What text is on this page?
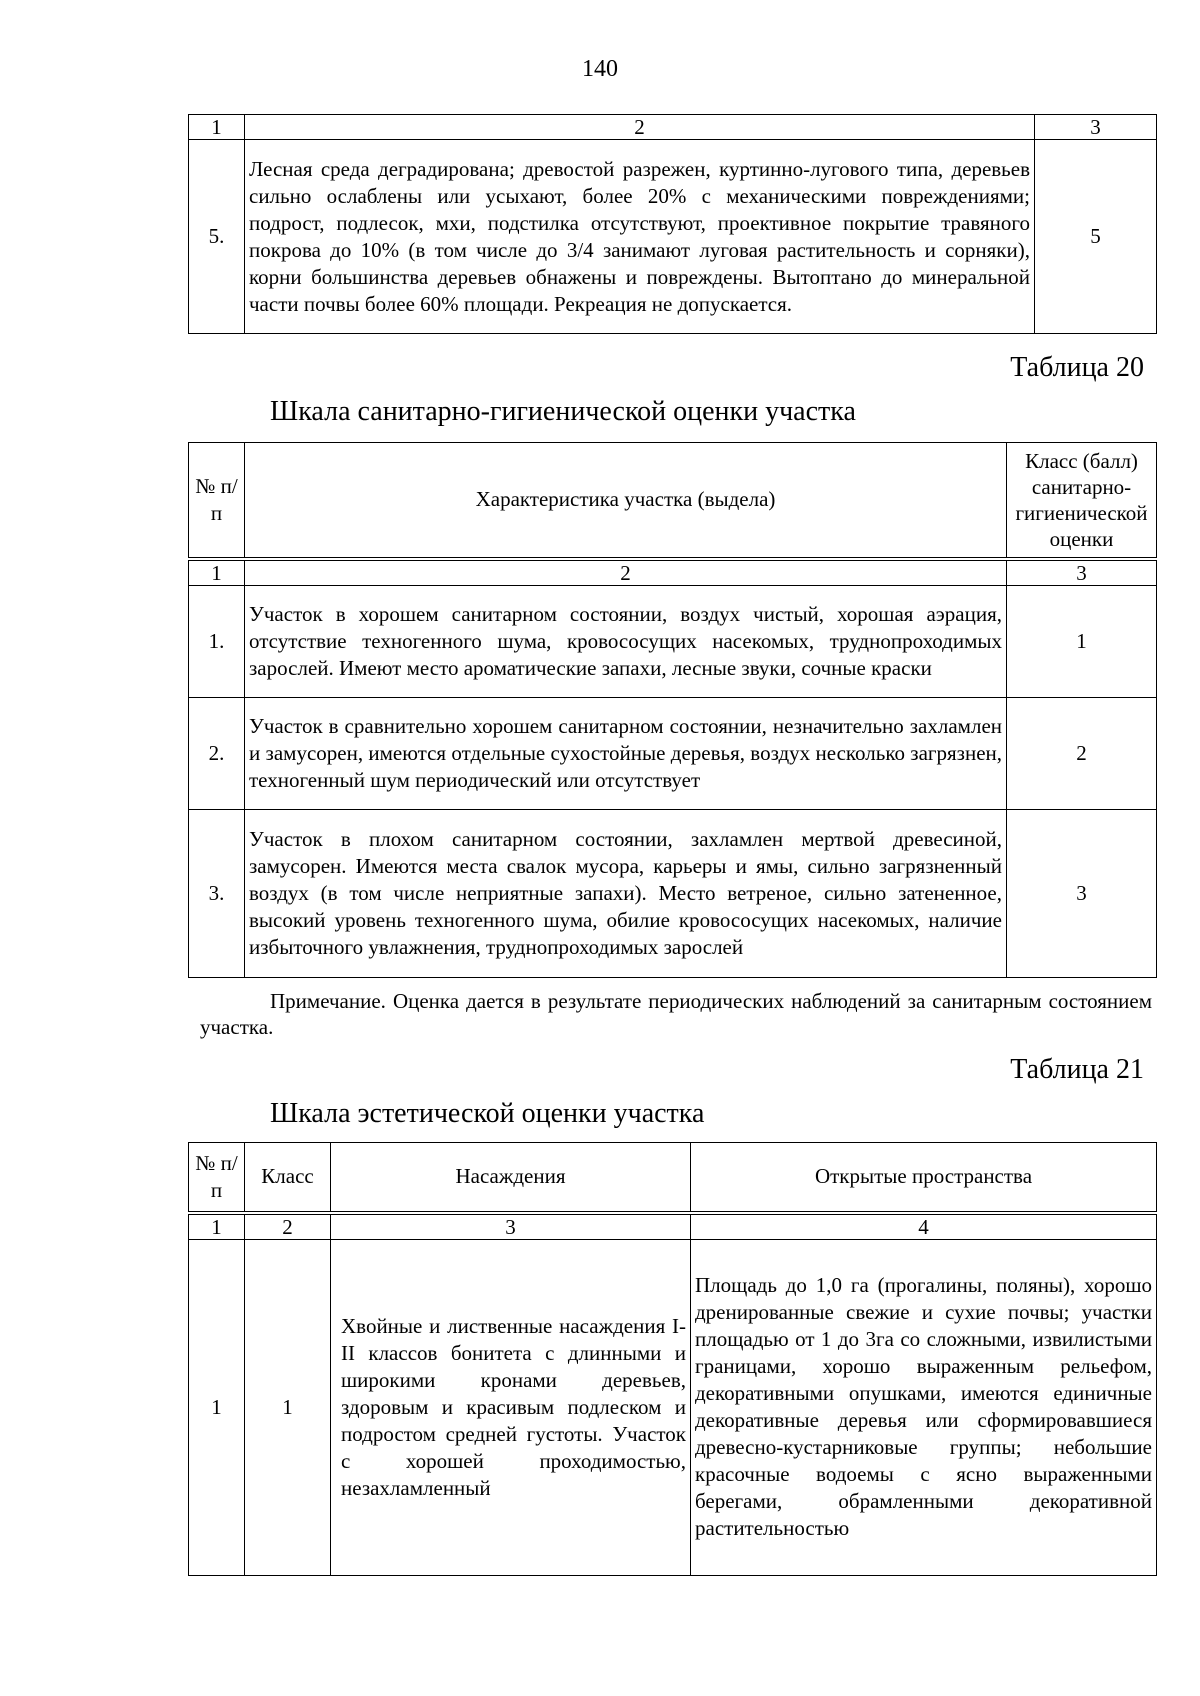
140
1	2	3
5.	Лесная среда деградирована; древостой разрежен, куртинно-лугового типа, деревьев сильно ослаблены или усыхают, более 20% с механическими повреждениями; подрост, подлесок, мхи, подстилка отсутствуют, проективное покрытие травяного покрова до 10% (в том числе до 3/4 занимают луговая растительность и сорняки), корни большинства деревьев обнажены и повреждены. Вытоптано до минеральной части почвы более 60% площади. Рекреация не допускается.	5
Таблица 20
Шкала санитарно-гигиенической оценки участка
№ п/п	Характеристика участка (выдела)	Класс (балл) санитарно-гигиенической оценки
1	2	3
1.	Участок в хорошем санитарном состоянии, воздух чистый, хорошая аэрация, отсутствие техногенного шума, кровососущих насекомых, труднопроходимых зарослей. Имеют место ароматические запахи, лесные звуки, сочные краски	1
2.	Участок в сравнительно хорошем санитарном состоянии, незначительно захламлен и замусорен, имеются отдельные сухостойные деревья, воздух несколько загрязнен, техногенный шум периодический или отсутствует	2
3.	Участок в плохом санитарном состоянии, захламлен мертвой древесиной, замусорен. Имеются места свалок мусора, карьеры и ямы, сильно загрязненный воздух (в том числе неприятные запахи). Место ветреное, сильно затененное, высокий уровень техногенного шума, обилие кровососущих насекомых, наличие избыточного увлажнения, труднопроходимых зарослей	3
Примечание. Оценка дается в результате периодических наблюдений за санитарным состоянием участка.
Таблица 21
Шкала эстетической оценки участка
№ п/п	Класс	Насаждения	Открытые пространства
1	2	3	4
1	1	Хвойные и лиственные насаждения I-II классов бонитета с длинными и широкими кронами деревьев, здоровым и красивым подлеском и подростом средней густоты. Участок с хорошей проходимостью, незахламленный	Площадь до 1,0 га (прогалины, поляны), хорошо дренированные свежие и сухие почвы; участки площадью от 1 до 3га со сложными, извилистыми границами, хорошо выраженным рельефом, декоративными опушками, имеются единичные декоративные деревья или сформировавшиеся древесно-кустарниковые группы; небольшие красочные водоемы с ясно выраженными берегами, обрамленными декоративной растительностью
